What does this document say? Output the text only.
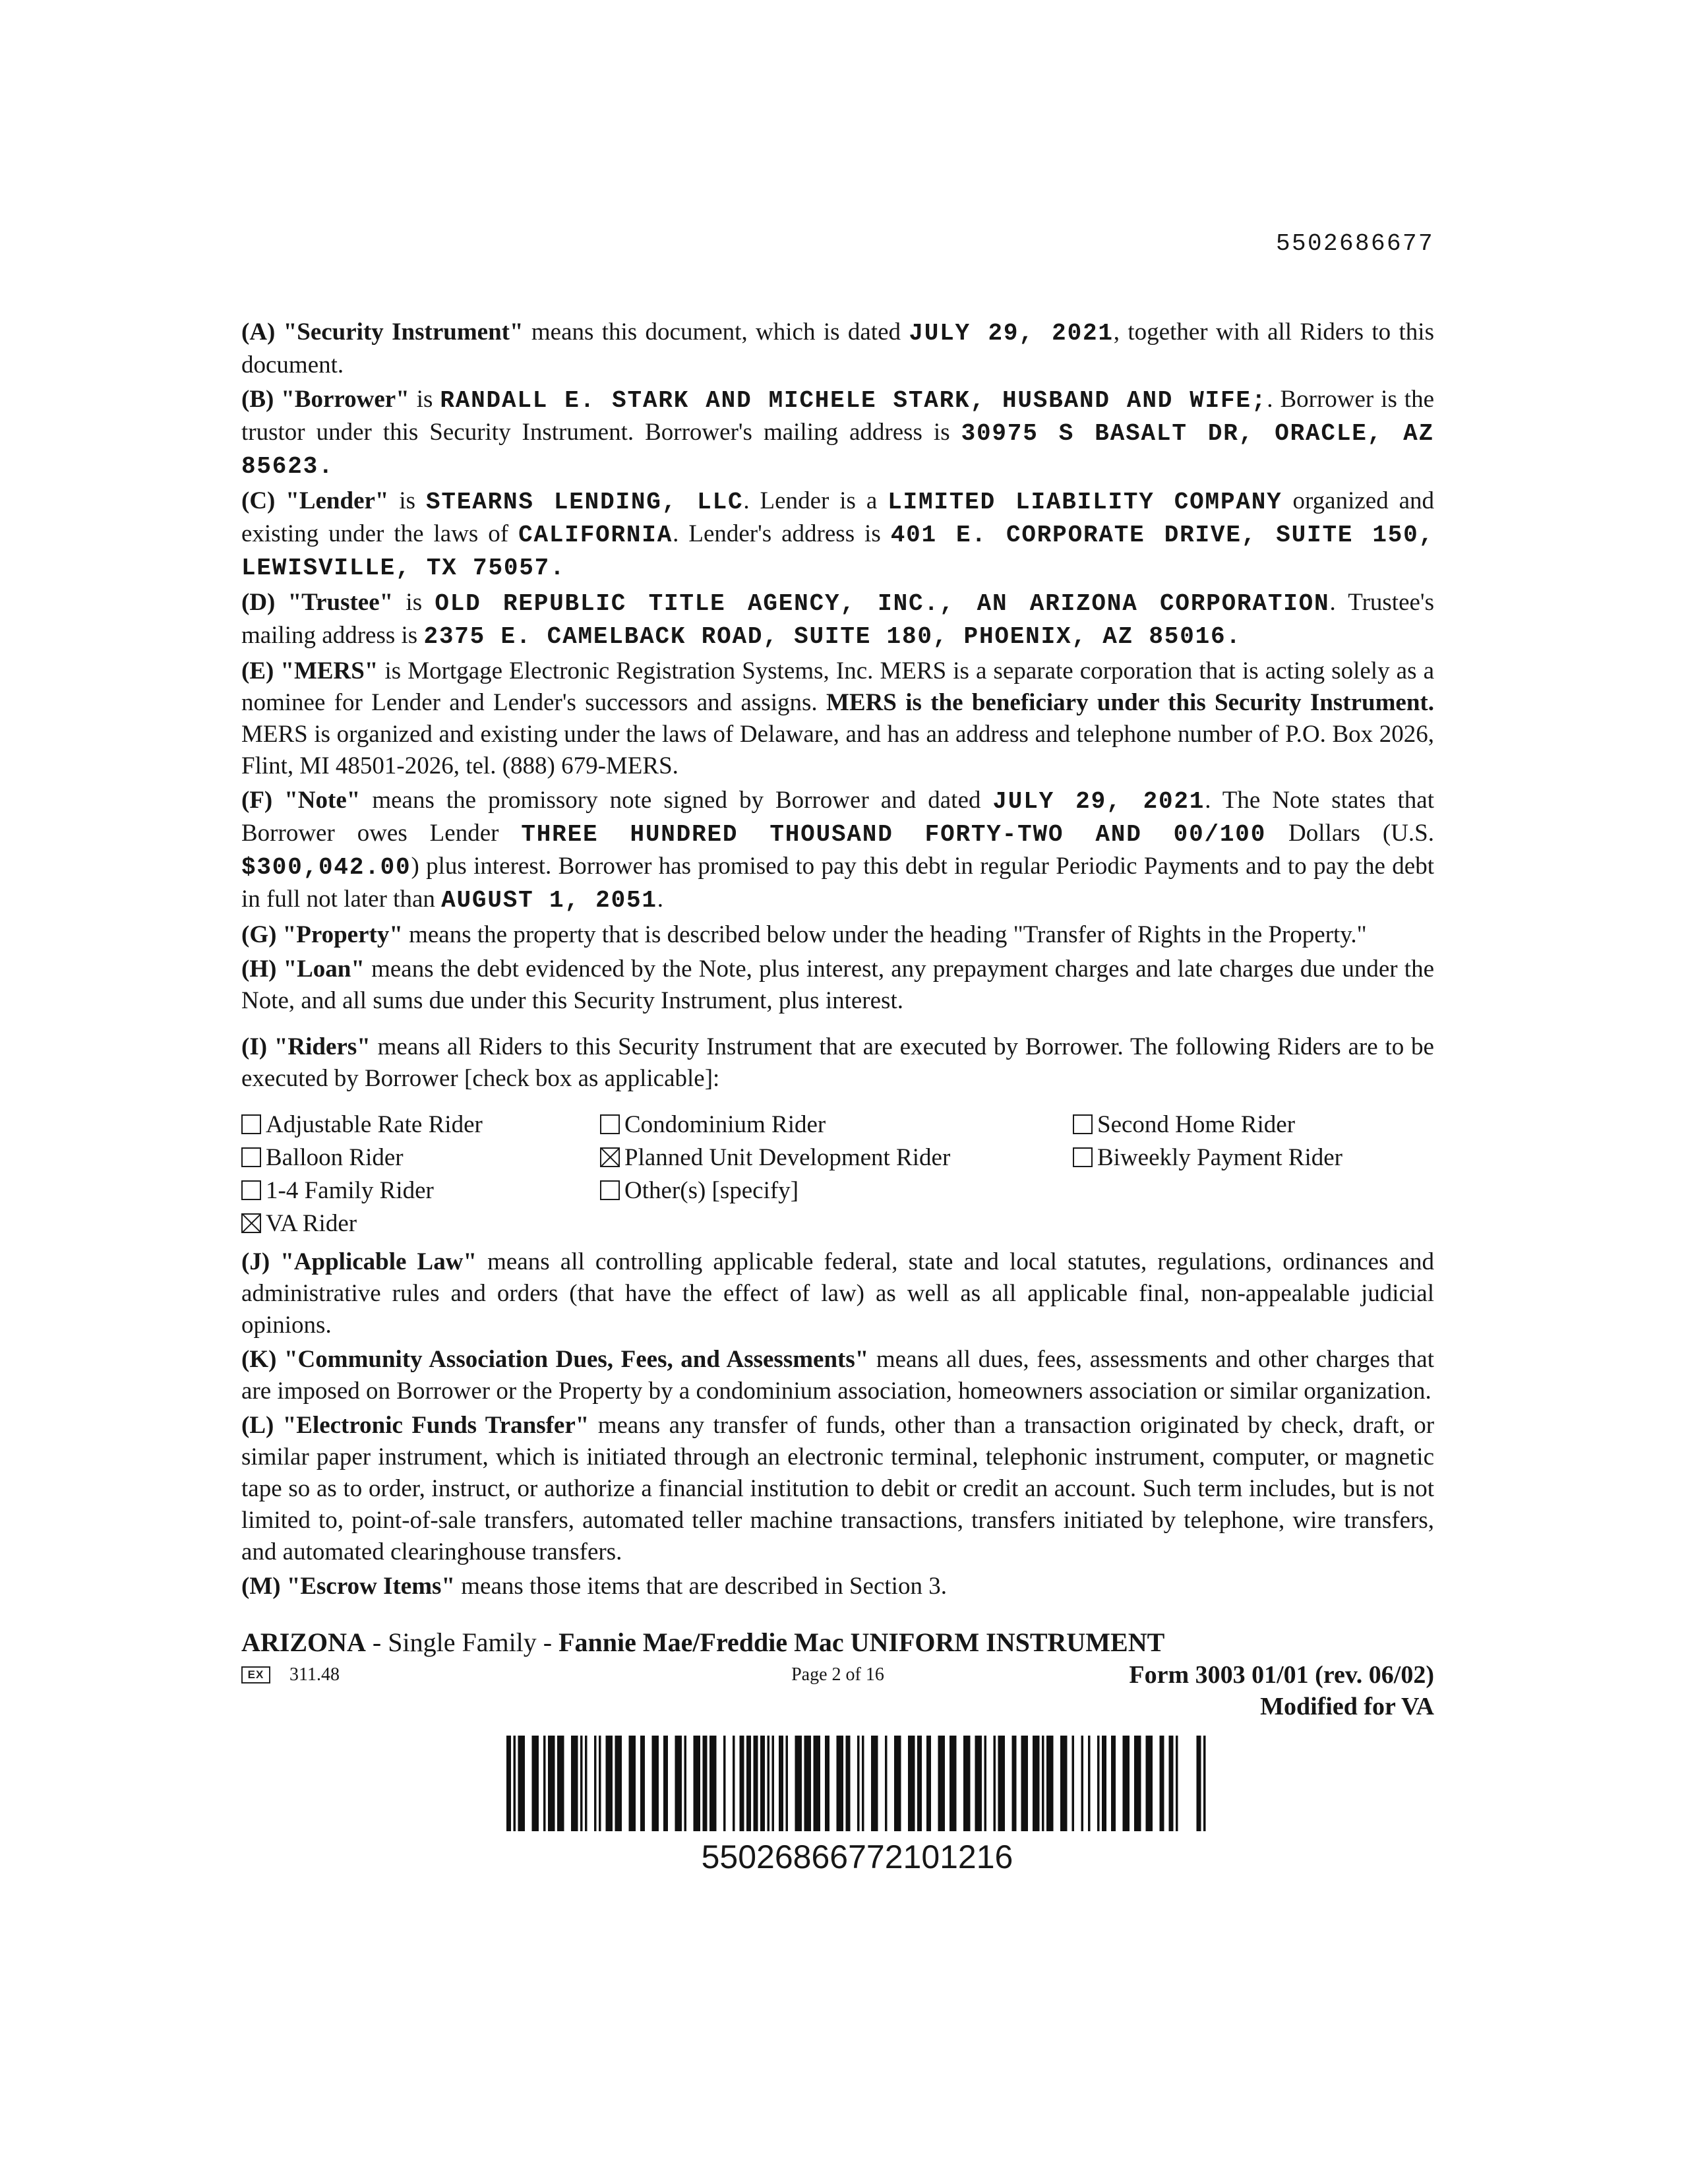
5502686677

(A) "Security Instrument" means this document, which is dated JULY 29, 2021, together with all Riders to this document.

(B) "Borrower" is RANDALL E. STARK AND MICHELE STARK, HUSBAND AND WIFE;. Borrower is the trustor under this Security Instrument. Borrower's mailing address is 30975 S BASALT DR, ORACLE, AZ 85623.

(C) "Lender" is STEARNS LENDING, LLC. Lender is a LIMITED LIABILITY COMPANY organized and existing under the laws of CALIFORNIA. Lender's address is 401 E. CORPORATE DRIVE, SUITE 150, LEWISVILLE, TX 75057.

(D) "Trustee" is OLD REPUBLIC TITLE AGENCY, INC., AN ARIZONA CORPORATION. Trustee's mailing address is 2375 E. CAMELBACK ROAD, SUITE 180, PHOENIX, AZ 85016.

(E) "MERS" is Mortgage Electronic Registration Systems, Inc. MERS is a separate corporation that is acting solely as a nominee for Lender and Lender's successors and assigns. MERS is the beneficiary under this Security Instrument. MERS is organized and existing under the laws of Delaware, and has an address and telephone number of P.O. Box 2026, Flint, MI 48501-2026, tel. (888) 679-MERS.

(F) "Note" means the promissory note signed by Borrower and dated JULY 29, 2021. The Note states that Borrower owes Lender THREE HUNDRED THOUSAND FORTY-TWO AND 00/100 Dollars (U.S. $300,042.00) plus interest. Borrower has promised to pay this debt in regular Periodic Payments and to pay the debt in full not later than AUGUST 1, 2051.

(G) "Property" means the property that is described below under the heading "Transfer of Rights in the Property."

(H) "Loan" means the debt evidenced by the Note, plus interest, any prepayment charges and late charges due under the Note, and all sums due under this Security Instrument, plus interest.

(I) "Riders" means all Riders to this Security Instrument that are executed by Borrower. The following Riders are to be executed by Borrower [check box as applicable]:

Adjustable Rate Rider
Balloon Rider
1-4 Family Rider
VA Rider
Condominium Rider
Planned Unit Development Rider
Other(s) [specify]
Second Home Rider
Biweekly Payment Rider

(J) "Applicable Law" means all controlling applicable federal, state and local statutes, regulations, ordinances and administrative rules and orders (that have the effect of law) as well as all applicable final, non-appealable judicial opinions.

(K) "Community Association Dues, Fees, and Assessments" means all dues, fees, assessments and other charges that are imposed on Borrower or the Property by a condominium association, homeowners association or similar organization.

(L) "Electronic Funds Transfer" means any transfer of funds, other than a transaction originated by check, draft, or similar paper instrument, which is initiated through an electronic terminal, telephonic instrument, computer, or magnetic tape so as to order, instruct, or authorize a financial institution to debit or credit an account. Such term includes, but is not limited to, point-of-sale transfers, automated teller machine transactions, transfers initiated by telephone, wire transfers, and automated clearinghouse transfers.

(M) "Escrow Items" means those items that are described in Section 3.

ARIZONA - Single Family - Fannie Mae/Freddie Mac UNIFORM INSTRUMENT
EX	311.48	Page 2 of 16	Form 3003 01/01 (rev. 06/02)
Modified for VA
55026866772101216
